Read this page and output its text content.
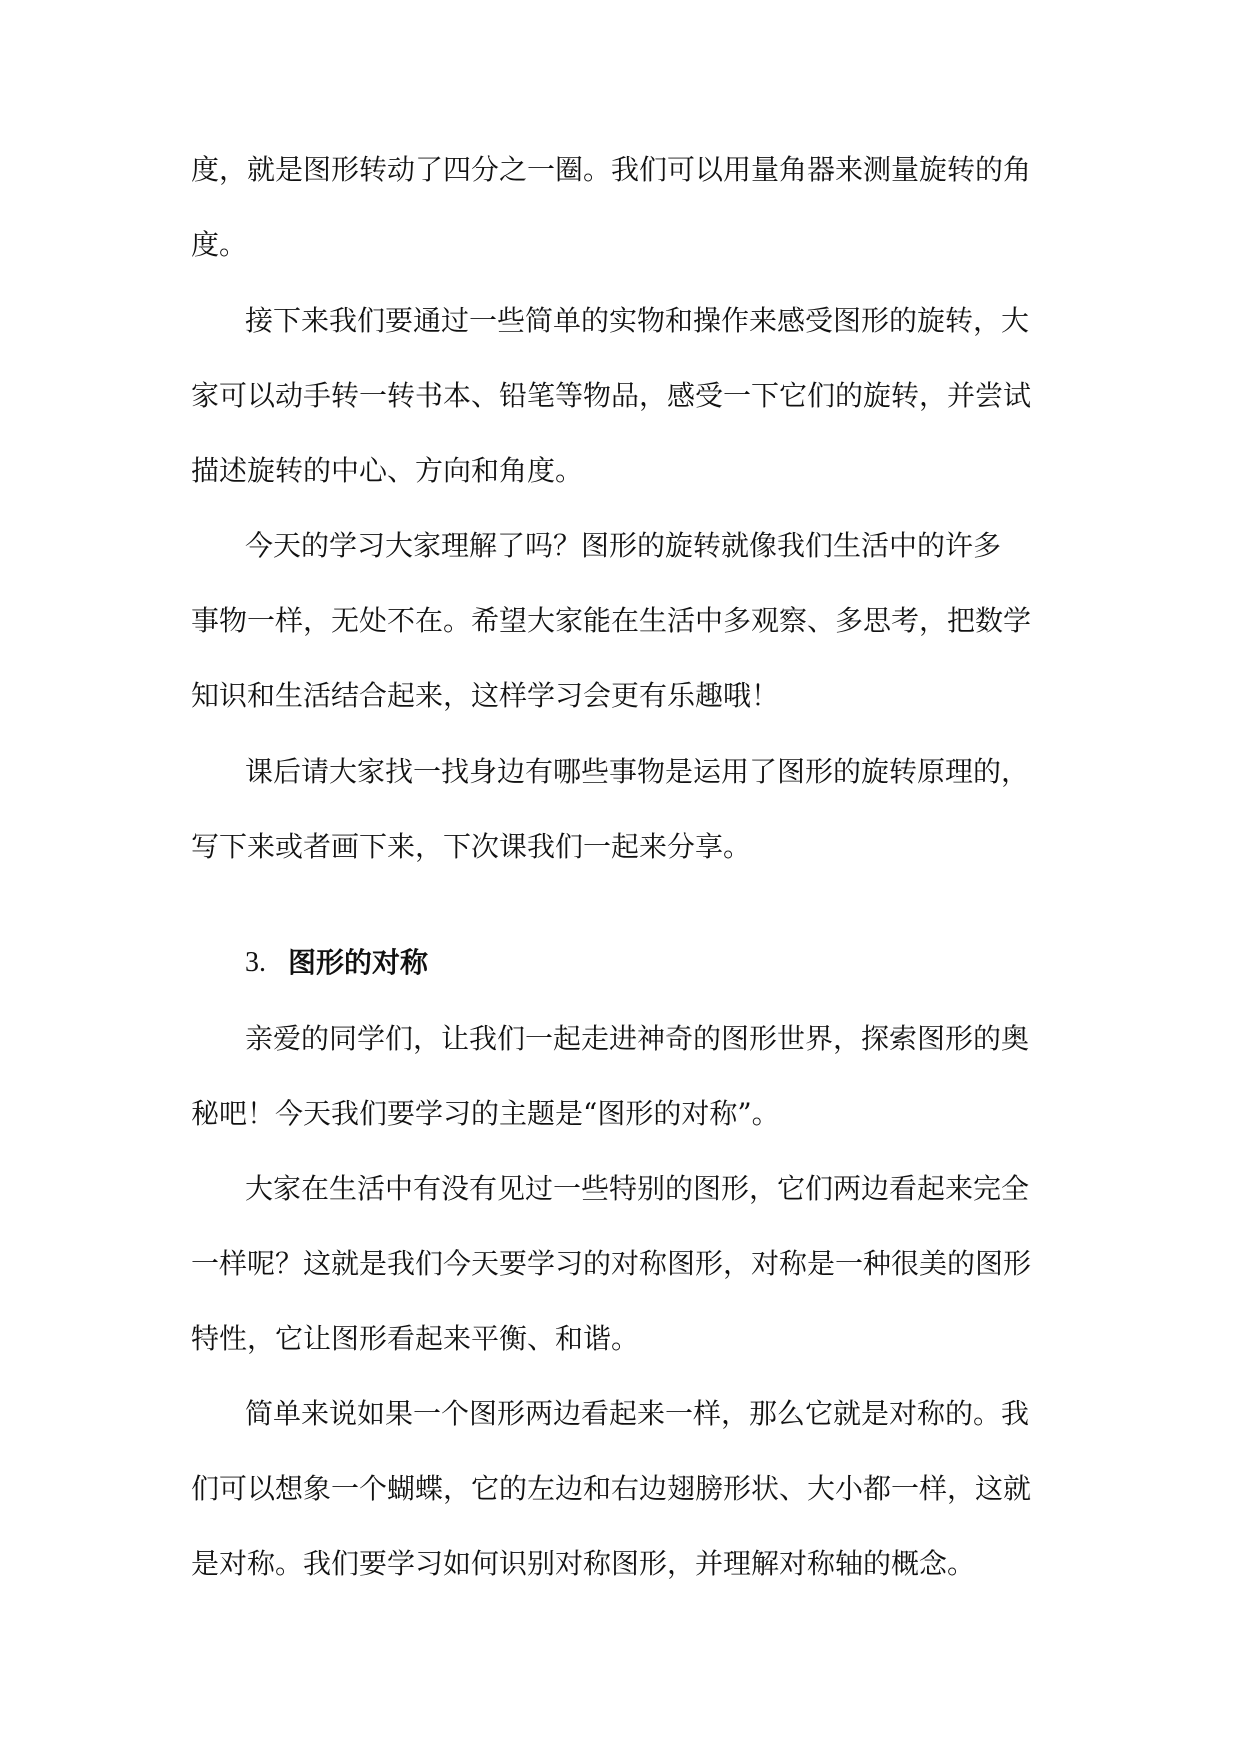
度，就是图形转动了四分之一圈。我们可以用量角器来测量旋转的角
度。
接下来我们要通过一些简单的实物和操作来感受图形的旋转，大
家可以动手转一转书本、铅笔等物品，感受一下它们的旋转，并尝试
描述旋转的中心、方向和角度。
今天的学习大家理解了吗？图形的旋转就像我们生活中的许多
事物一样，无处不在。希望大家能在生活中多观察、多思考，把数学
知识和生活结合起来，这样学习会更有乐趣哦！
课后请大家找一找身边有哪些事物是运用了图形的旋转原理的，
写下来或者画下来，下次课我们一起来分享。
3. 图形的对称
亲爱的同学们，让我们一起走进神奇的图形世界，探索图形的奥
秘吧！今天我们要学习的主题是“图形的对称”。
大家在生活中有没有见过一些特别的图形，它们两边看起来完全
一样呢？这就是我们今天要学习的对称图形，对称是一种很美的图形
特性，它让图形看起来平衡、和谐。
简单来说如果一个图形两边看起来一样，那么它就是对称的。我
们可以想象一个蝴蝶，它的左边和右边翅膀形状、大小都一样，这就
是对称。我们要学习如何识别对称图形，并理解对称轴的概念。
